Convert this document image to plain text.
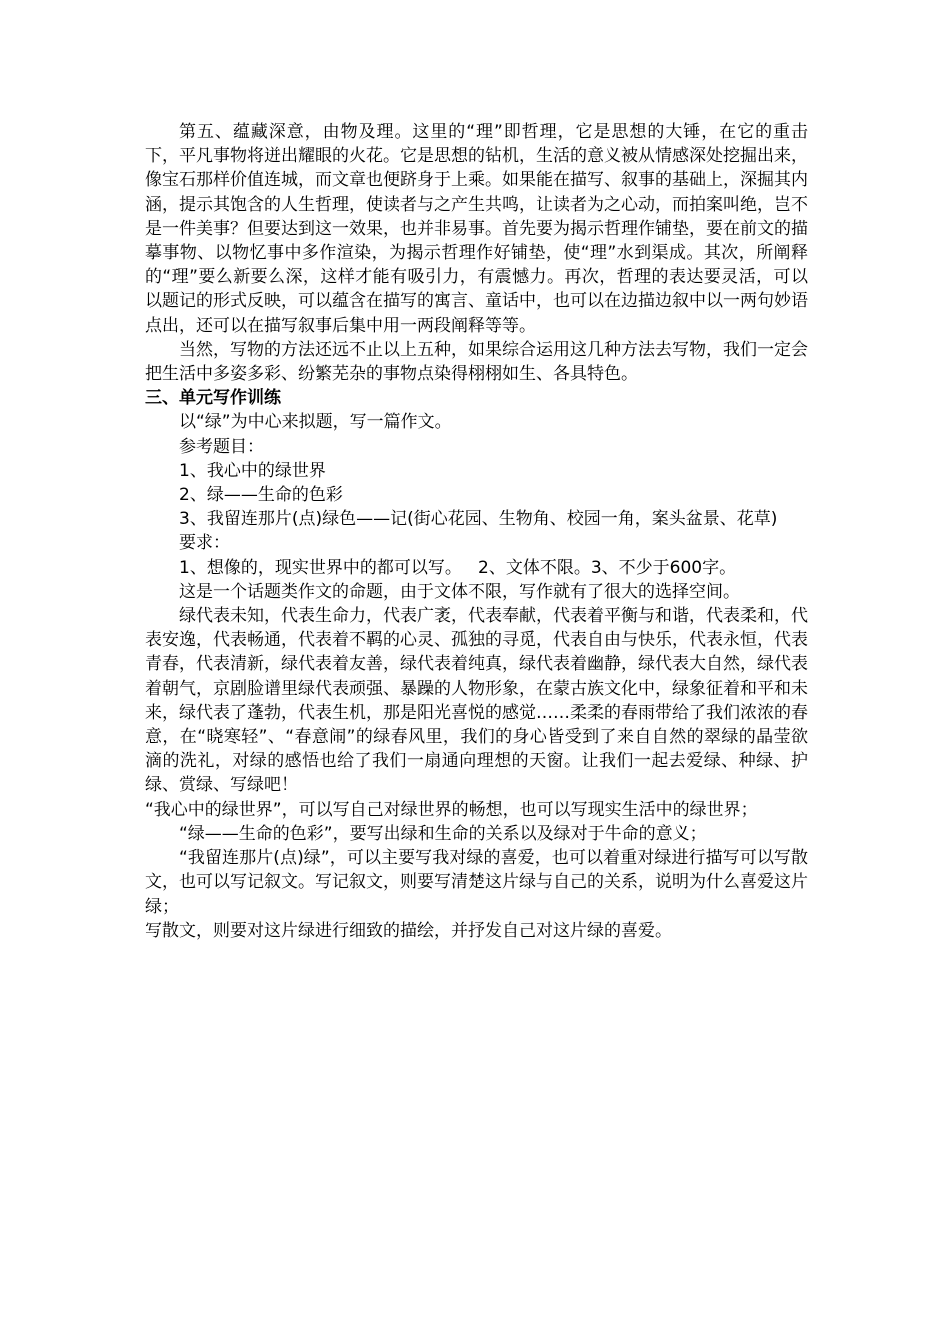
第五、蕴藏深意，由物及理。这里的“理”即哲理，它是思想的大锤，在它的重击下，平凡事物将迸出耀眼的火花。它是思想的钻机，生活的意义被从情感深处挖掘出来，像宝石那样价值连城，而文章也便跻身于上乘。如果能在描写、叙事的基础上，深掘其内涵，提示其饱含的人生哲理，使读者与之产生共鸣，让读者为之心动，而拍案叫绝，岂不是一件美事？但要达到这一效果，也并非易事。首先要为揭示哲理作铺垫，要在前文的描摹事物、以物忆事中多作渲染，为揭示哲理作好铺垫，使“理”水到渠成。其次，所阐释的“理”要么新要么深，这样才能有吸引力，有震憾力。再次，哲理的表达要灵活，可以以题记的形式反映，可以蕴含在描写的寓言、童话中，也可以在边描边叙中以一两句妙语点出，还可以在描写叙事后集中用一两段阐释等等。

当然，写物的方法还远不止以上五种，如果综合运用这几种方法去写物，我们一定会把生活中多姿多彩、纷繁芜杂的事物点染得栩栩如生、各具特色。

三、单元写作训练

以“绿”为中心来拟题，写一篇作文。

参考题目：

1、我心中的绿世界

2、绿——生命的色彩

3、我留连那片(点)绿色——记(街心花园、生物角、校园一角，案头盆景、花草)

要求：

1、想像的，现实世界中的都可以写。   2、文体不限。3、不少于600字。

这是一个话题类作文的命题，由于文体不限，写作就有了很大的选择空间。

绿代表未知，代表生命力，代表广袤，代表奉献，代表着平衡与和谐，代表柔和，代表安逸，代表畅通，代表着不羁的心灵、孤独的寻觅，代表自由与快乐，代表永恒，代表青春，代表清新，绿代表着友善，绿代表着纯真，绿代表着幽静，绿代表大自然，绿代表着朝气，京剧脸谱里绿代表顽强、暴躁的人物形象，在蒙古族文化中，绿象征着和平和未来，绿代表了蓬勃，代表生机，那是阳光喜悦的感觉……柔柔的春雨带给了我们浓浓的春意，在“晓寒轻”、“春意闹”的绿春风里，我们的身心皆受到了来自自然的翠绿的晶莹欲滴的洗礼，对绿的感悟也给了我们一扇通向理想的天窗。让我们一起去爱绿、种绿、护绿、赏绿、写绿吧！

“我心中的绿世界”，可以写自己对绿世界的畅想，也可以写现实生活中的绿世界；

“绿——生命的色彩”，要写出绿和生命的关系以及绿对于牛命的意义；

“我留连那片(点)绿”，可以主要写我对绿的喜爱，也可以着重对绿进行描写可以写散文，也可以写记叙文。写记叙文，则要写清楚这片绿与自己的关系，说明为什么喜爱这片绿；

写散文，则要对这片绿进行细致的描绘，并抒发自己对这片绿的喜爱。
